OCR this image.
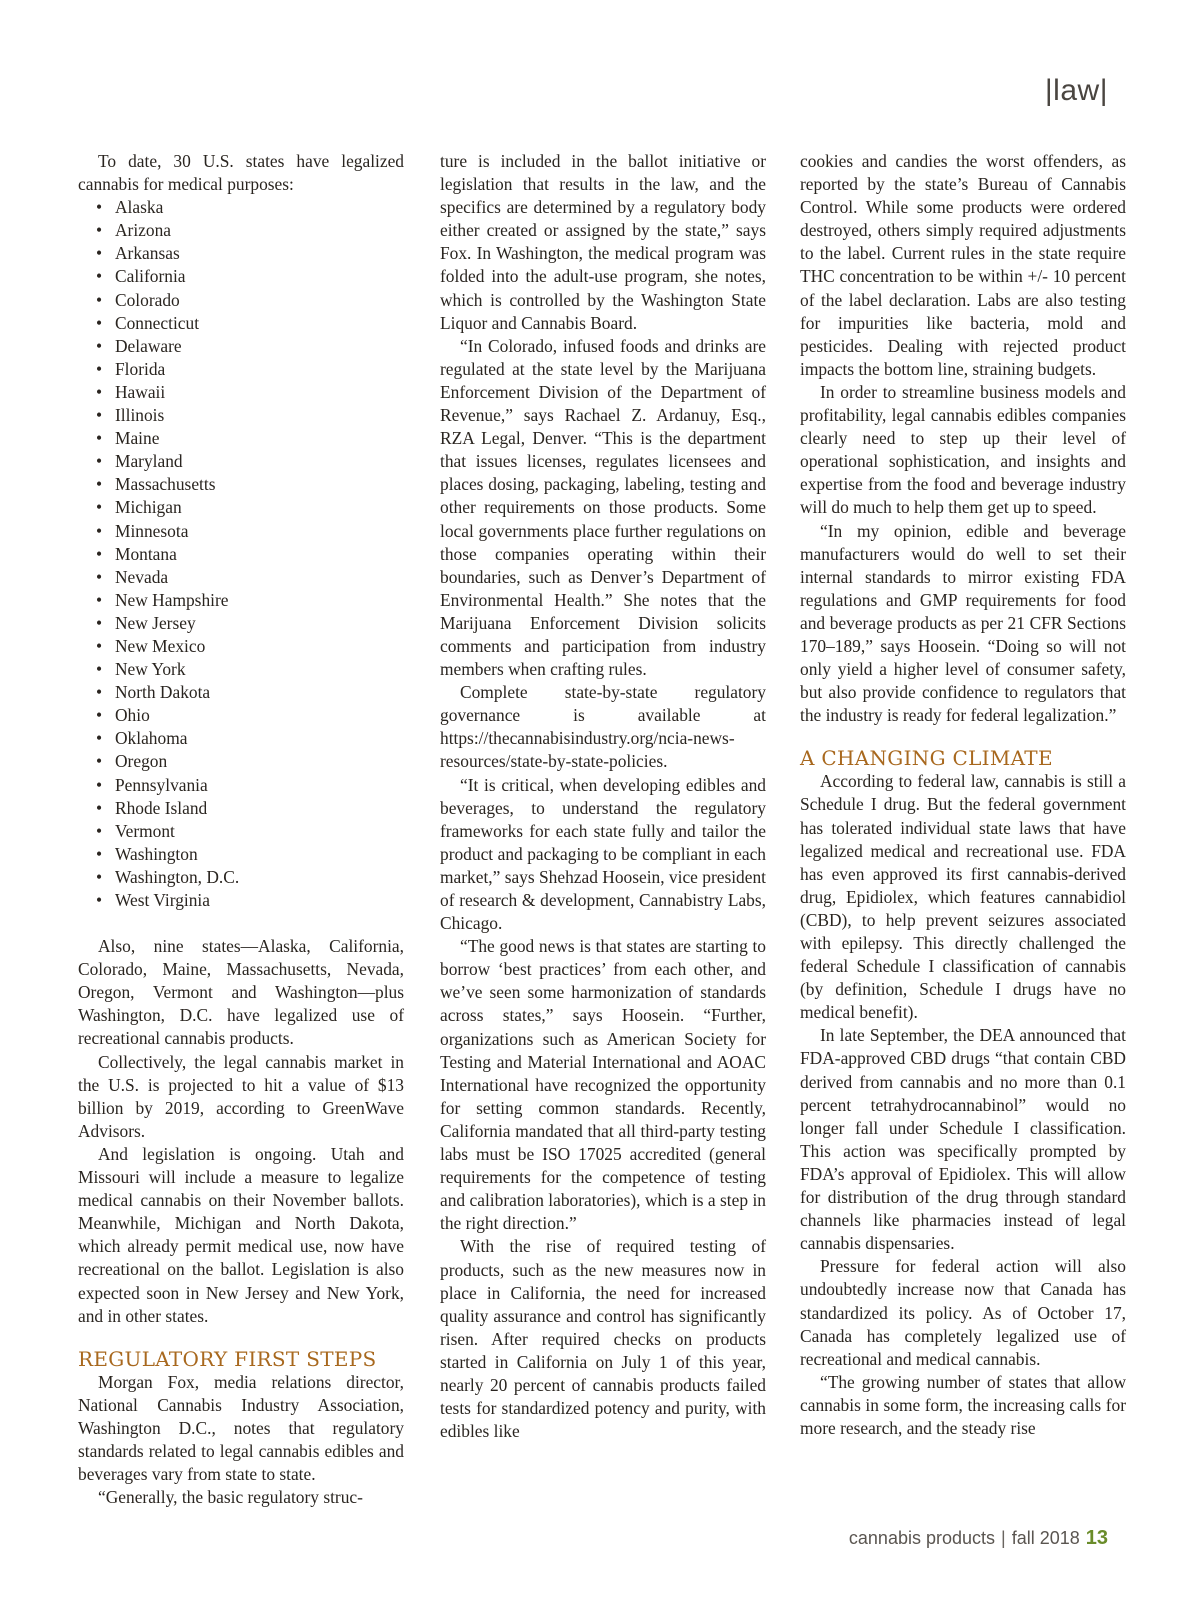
|law|

To date, 30 U.S. states have legalized cannabis for medical purposes:

• Alaska
• Arizona
• Arkansas
• California
• Colorado
• Connecticut
• Delaware
• Florida
• Hawaii
• Illinois
• Maine
• Maryland
• Massachusetts
• Michigan
• Minnesota
• Montana
• Nevada
• New Hampshire
• New Jersey
• New Mexico
• New York
• North Dakota
• Ohio
• Oklahoma
• Oregon
• Pennsylvania
• Rhode Island
• Vermont
• Washington
• Washington, D.C.
• West Virginia

Also, nine states—Alaska, California, Colorado, Maine, Massachusetts, Nevada, Oregon, Vermont and Washington—plus Washington, D.C. have legalized use of recreational cannabis products.

Collectively, the legal cannabis market in the U.S. is projected to hit a value of $13 billion by 2019, according to GreenWave Advisors.

And legislation is ongoing. Utah and Missouri will include a measure to legalize medical cannabis on their November ballots. Meanwhile, Michigan and North Dakota, which already permit medical use, now have recreational on the ballot. Legislation is also expected soon in New Jersey and New York, and in other states.

REGULATORY FIRST STEPS

Morgan Fox, media relations director, National Cannabis Industry Association, Washington D.C., notes that regulatory standards related to legal cannabis edibles and beverages vary from state to state.

“Generally, the basic regulatory struc-

ture is included in the ballot initiative or legislation that results in the law, and the specifics are determined by a regulatory body either created or assigned by the state,” says Fox. In Washington, the medical program was folded into the adult-use program, she notes, which is controlled by the Washington State Liquor and Cannabis Board.

“In Colorado, infused foods and drinks are regulated at the state level by the Marijuana Enforcement Division of the Department of Revenue,” says Rachael Z. Ardanuy, Esq., RZA Legal, Denver. “This is the department that issues licenses, regulates licensees and places dosing, packaging, labeling, testing and other requirements on those products. Some local governments place further regulations on those companies operating within their boundaries, such as Denver’s Department of Environmental Health.” She notes that the Marijuana Enforcement Division solicits comments and participation from industry members when crafting rules.

Complete state-by-state regulatory governance is available at https://thecannabisindustry.org/ncia-news-resources/state-by-state-policies.

“It is critical, when developing edibles and beverages, to understand the regulatory frameworks for each state fully and tailor the product and packaging to be compliant in each market,” says Shehzad Hoosein, vice president of research & development, Cannabistry Labs, Chicago.

“The good news is that states are starting to borrow ‘best practices’ from each other, and we’ve seen some harmonization of standards across states,” says Hoosein. “Further, organizations such as American Society for Testing and Material International and AOAC International have recognized the opportunity for setting common standards. Recently, California mandated that all third-party testing labs must be ISO 17025 accredited (general requirements for the competence of testing and calibration laboratories), which is a step in the right direction.”

With the rise of required testing of products, such as the new measures now in place in California, the need for increased quality assurance and control has significantly risen. After required checks on products started in California on July 1 of this year, nearly 20 percent of cannabis products failed tests for standardized potency and purity, with edibles like

cookies and candies the worst offenders, as reported by the state’s Bureau of Cannabis Control. While some products were ordered destroyed, others simply required adjustments to the label. Current rules in the state require THC concentration to be within +/- 10 percent of the label declaration. Labs are also testing for impurities like bacteria, mold and pesticides. Dealing with rejected product impacts the bottom line, straining budgets.

In order to streamline business models and profitability, legal cannabis edibles companies clearly need to step up their level of operational sophistication, and insights and expertise from the food and beverage industry will do much to help them get up to speed.

“In my opinion, edible and beverage manufacturers would do well to set their internal standards to mirror existing FDA regulations and GMP requirements for food and beverage products as per 21 CFR Sections 170–189,” says Hoosein. “Doing so will not only yield a higher level of consumer safety, but also provide confidence to regulators that the industry is ready for federal legalization.”

A CHANGING CLIMATE

According to federal law, cannabis is still a Schedule I drug. But the federal government has tolerated individual state laws that have legalized medical and recreational use. FDA has even approved its first cannabis-derived drug, Epidiolex, which features cannabidiol (CBD), to help prevent seizures associated with epilepsy. This directly challenged the federal Schedule I classification of cannabis (by definition, Schedule I drugs have no medical benefit).

In late September, the DEA announced that FDA-approved CBD drugs “that contain CBD derived from cannabis and no more than 0.1 percent tetrahydrocannabinol” would no longer fall under Schedule I classification. This action was specifically prompted by FDA’s approval of Epidiolex. This will allow for distribution of the drug through standard channels like pharmacies instead of legal cannabis dispensaries.

Pressure for federal action will also undoubtedly increase now that Canada has standardized its policy. As of October 17, Canada has completely legalized use of recreational and medical cannabis.

“The growing number of states that allow cannabis in some form, the increasing calls for more research, and the steady rise

cannabis products | fall 2018 13
